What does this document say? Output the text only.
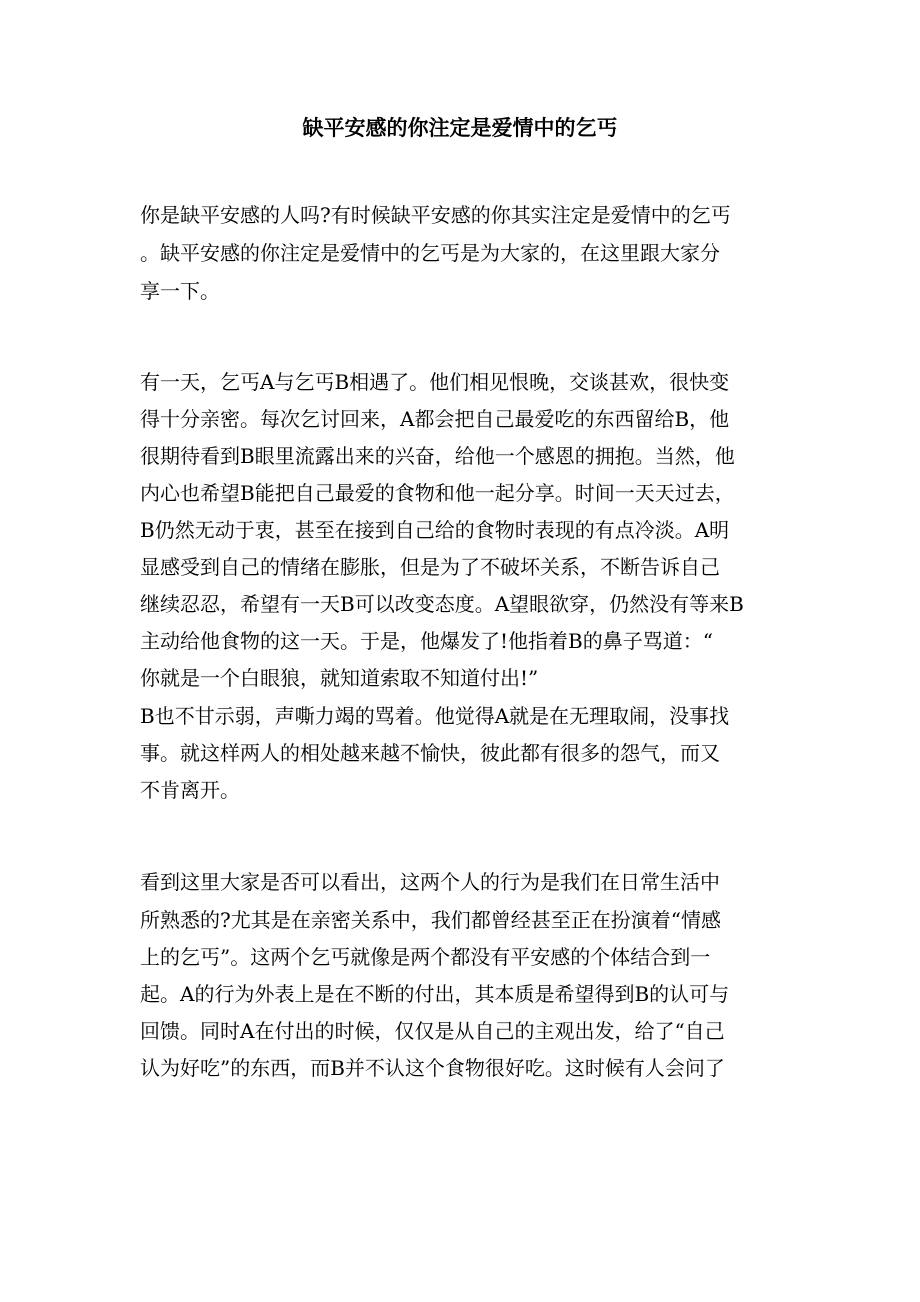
缺平安感的你注定是爱情中的乞丐

你是缺平安感的人吗?有时候缺平安感的你其实注定是爱情中的乞丐

。缺平安感的你注定是爱情中的乞丐是为大家的，在这里跟大家分

享一下。

有一天，乞丐A与乞丐B相遇了。他们相见恨晚，交谈甚欢，很快变

得十分亲密。每次乞讨回来，A都会把自己最爱吃的东西留给B，他

很期待看到B眼里流露出来的兴奋，给他一个感恩的拥抱。当然，他

内心也希望B能把自己最爱的食物和他一起分享。时间一天天过去，

B仍然无动于衷，甚至在接到自己给的食物时表现的有点冷淡。A明

显感受到自己的情绪在膨胀，但是为了不破坏关系，不断告诉自己

继续忍忍，希望有一天B可以改变态度。A望眼欲穿，仍然没有等来B

主动给他食物的这一天。于是，他爆发了!他指着B的鼻子骂道：“

你就是一个白眼狼，就知道索取不知道付出!”

B也不甘示弱，声嘶力竭的骂着。他觉得A就是在无理取闹，没事找

事。就这样两人的相处越来越不愉快，彼此都有很多的怨气，而又

不肯离开。

看到这里大家是否可以看出，这两个人的行为是我们在日常生活中

所熟悉的?尤其是在亲密关系中，我们都曾经甚至正在扮演着“情感

上的乞丐”。这两个乞丐就像是两个都没有平安感的个体结合到一

起。A的行为外表上是在不断的付出，其本质是希望得到B的认可与

回馈。同时A在付出的时候，仅仅是从自己的主观出发，给了“自己

认为好吃”的东西，而B并不认这个食物很好吃。这时候有人会问了
